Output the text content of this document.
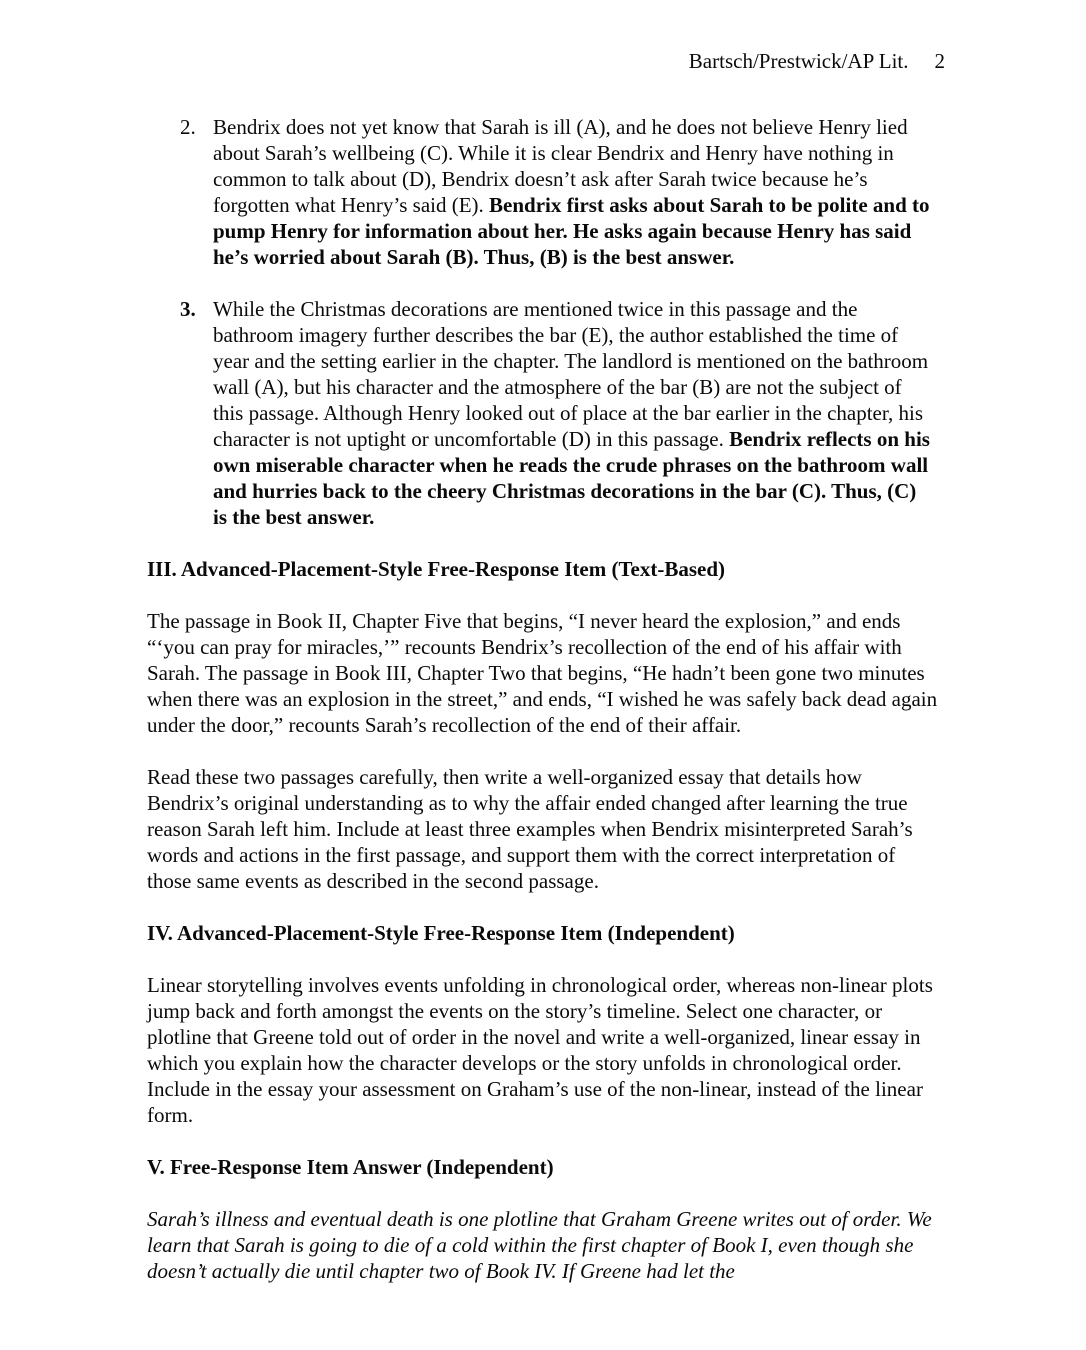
Bartsch/Prestwick/AP Lit. 2
2. Bendrix does not yet know that Sarah is ill (A), and he does not believe Henry lied about Sarah’s wellbeing (C). While it is clear Bendrix and Henry have nothing in common to talk about (D), Bendrix doesn’t ask after Sarah twice because he’s forgotten what Henry’s said (E). Bendrix first asks about Sarah to be polite and to pump Henry for information about her. He asks again because Henry has said he’s worried about Sarah (B). Thus, (B) is the best answer.
3. While the Christmas decorations are mentioned twice in this passage and the bathroom imagery further describes the bar (E), the author established the time of year and the setting earlier in the chapter. The landlord is mentioned on the bathroom wall (A), but his character and the atmosphere of the bar (B) are not the subject of this passage. Although Henry looked out of place at the bar earlier in the chapter, his character is not uptight or uncomfortable (D) in this passage. Bendrix reflects on his own miserable character when he reads the crude phrases on the bathroom wall and hurries back to the cheery Christmas decorations in the bar (C). Thus, (C) is the best answer.
III. Advanced-Placement-Style Free-Response Item (Text-Based)
The passage in Book II, Chapter Five that begins, “I never heard the explosion,” and ends “‘you can pray for miracles,’” recounts Bendrix’s recollection of the end of his affair with Sarah. The passage in Book III, Chapter Two that begins, “He hadn’t been gone two minutes when there was an explosion in the street,” and ends, “I wished he was safely back dead again under the door,” recounts Sarah’s recollection of the end of their affair.
Read these two passages carefully, then write a well-organized essay that details how Bendrix’s original understanding as to why the affair ended changed after learning the true reason Sarah left him. Include at least three examples when Bendrix misinterpreted Sarah’s words and actions in the first passage, and support them with the correct interpretation of those same events as described in the second passage.
IV. Advanced-Placement-Style Free-Response Item (Independent)
Linear storytelling involves events unfolding in chronological order, whereas non-linear plots jump back and forth amongst the events on the story’s timeline. Select one character, or plotline that Greene told out of order in the novel and write a well-organized, linear essay in which you explain how the character develops or the story unfolds in chronological order. Include in the essay your assessment on Graham’s use of the non-linear, instead of the linear form.
V. Free-Response Item Answer (Independent)
Sarah’s illness and eventual death is one plotline that Graham Greene writes out of order. We learn that Sarah is going to die of a cold within the first chapter of Book I, even though she doesn’t actually die until chapter two of Book IV. If Greene had let the
